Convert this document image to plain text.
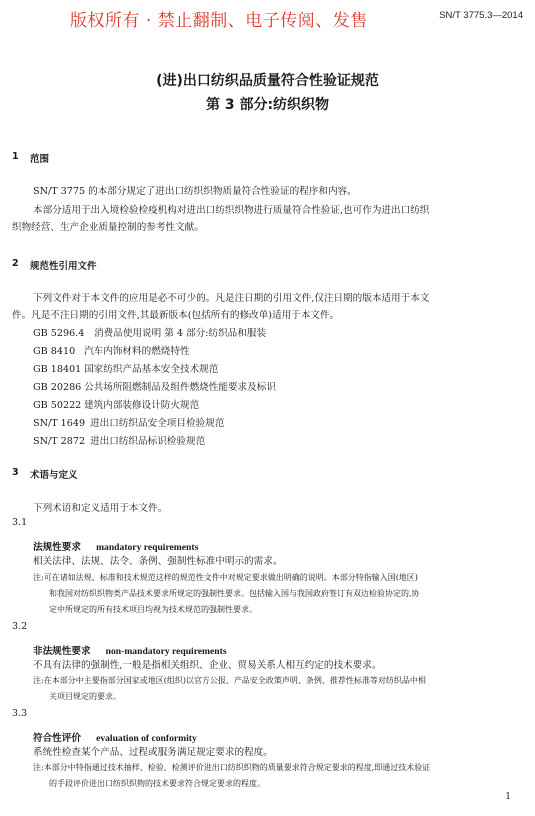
版权所有 · 禁止翻制、电子传阅、发售	SN/T 3775.3—2014
(进)出口纺织品质量符合性验证规范
第 3 部分:纺织织物
1 范围
SN/T 3775 的本部分规定了进出口纺织织物质量符合性验证的程序和内容。
本部分适用于出入境检验检疫机构对进出口纺织织物进行质量符合性验证,也可作为进出口纺织
织物经营、生产企业质量控制的参考性文献。
2 规范性引用文件
下列文件对于本文件的应用是必不可少的。凡是注日期的引用文件,仅注日期的版本适用于本文
件。凡是不注日期的引用文件,其最新版本(包括所有的修改单)适用于本文件。
GB 5296.4 消费品使用说明 第 4 部分:纺织品和服装
GB 8410 汽车内饰材料的燃烧特性
GB 18401 国家纺织产品基本安全技术规范
GB 20286 公共场所阻燃制品及组件燃烧性能要求及标识
GB 50222 建筑内部装修设计防火规范
SN/T 1649 进出口纺织品安全项目检验规范
SN/T 2872 进出口纺织品标识检验规范
3 术语与定义
下列术语和定义适用于本文件。
3.1
法规性要求 mandatory requirements
相关法律、法规、法令、条例、强制性标准中明示的需求。
注:可在诸如法规、标准和技术规范这样的规范性文件中对规定要求做出明确的说明。本部分特指输入国(地区)
和我国对纺织织物类产品技术要求所规定的强制性要求。包括输入国与我国政府签订有双边检验协定的,协
定中所规定的所有技术项目均视为技术规范的强制性要求。
3.2
非法规性要求 non-mandatory requirements
不具有法律的强制性,一般是指相关组织、企业、贸易关系人相互约定的技术要求。
注:在本部分中主要指部分国家或地区(组织)以官方公报、产品安全政策声明、条例、推荐性标准等对纺织品中相
关项目规定的要求。
3.3
符合性评价 evaluation of conformity
系统性检查某个产品、过程或服务满足规定要求的程度。
注:本部分中特指通过技术抽样、检验、检测评价进出口纺织织物的质量要求符合规定要求的程度,即通过技术验证
的手段评价进出口纺织织物的技术要求符合规定要求的程度。
1
